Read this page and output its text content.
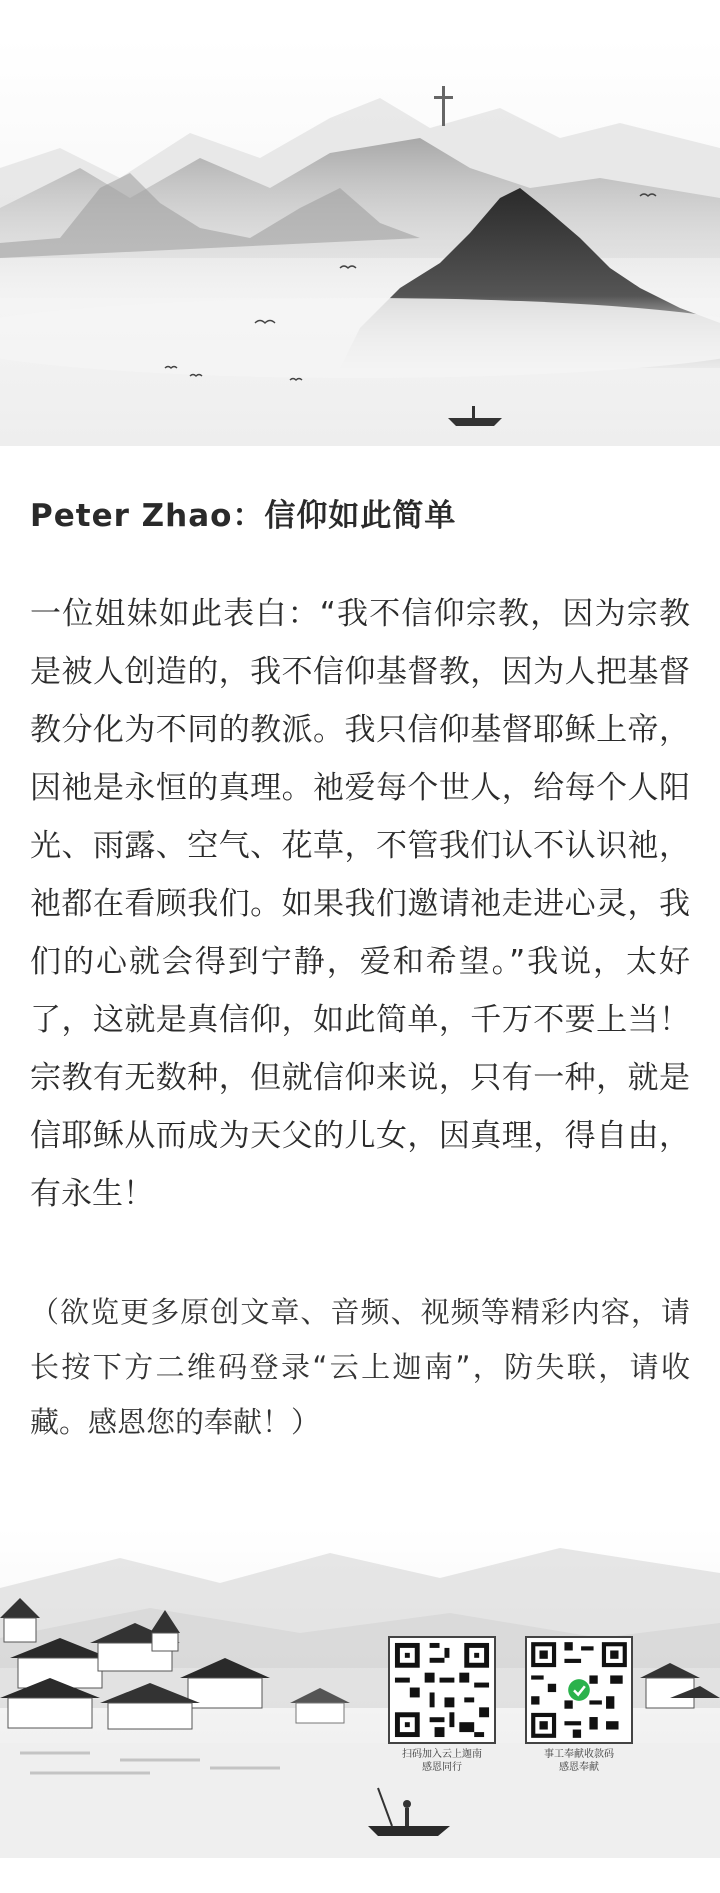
Peter Zhao：信仰如此简单
一位姐妹如此表白：“我不信仰宗教，因为宗教是被人创造的，我不信仰基督教，因为人把基督教分化为不同的教派。我只信仰基督耶稣上帝，因祂是永恒的真理。祂爱每个世人，给每个人阳光、雨露、空气、花草，不管我们认不认识祂，祂都在看顾我们。如果我们邀请祂走进心灵，我们的心就会得到宁静，爱和希望。”我说，太好了，这就是真信仰，如此简单，千万不要上当！宗教有无数种，但就信仰来说，只有一种，就是信耶稣从而成为天父的儿女，因真理，得自由，有永生！
（欲览更多原创文章、音频、视频等精彩内容，请长按下方二维码登录“云上迦南”，防失联，请收藏。感恩您的奉献！）
扫码加入云上迦南
感恩同行
事工奉献收款码
感恩奉献
